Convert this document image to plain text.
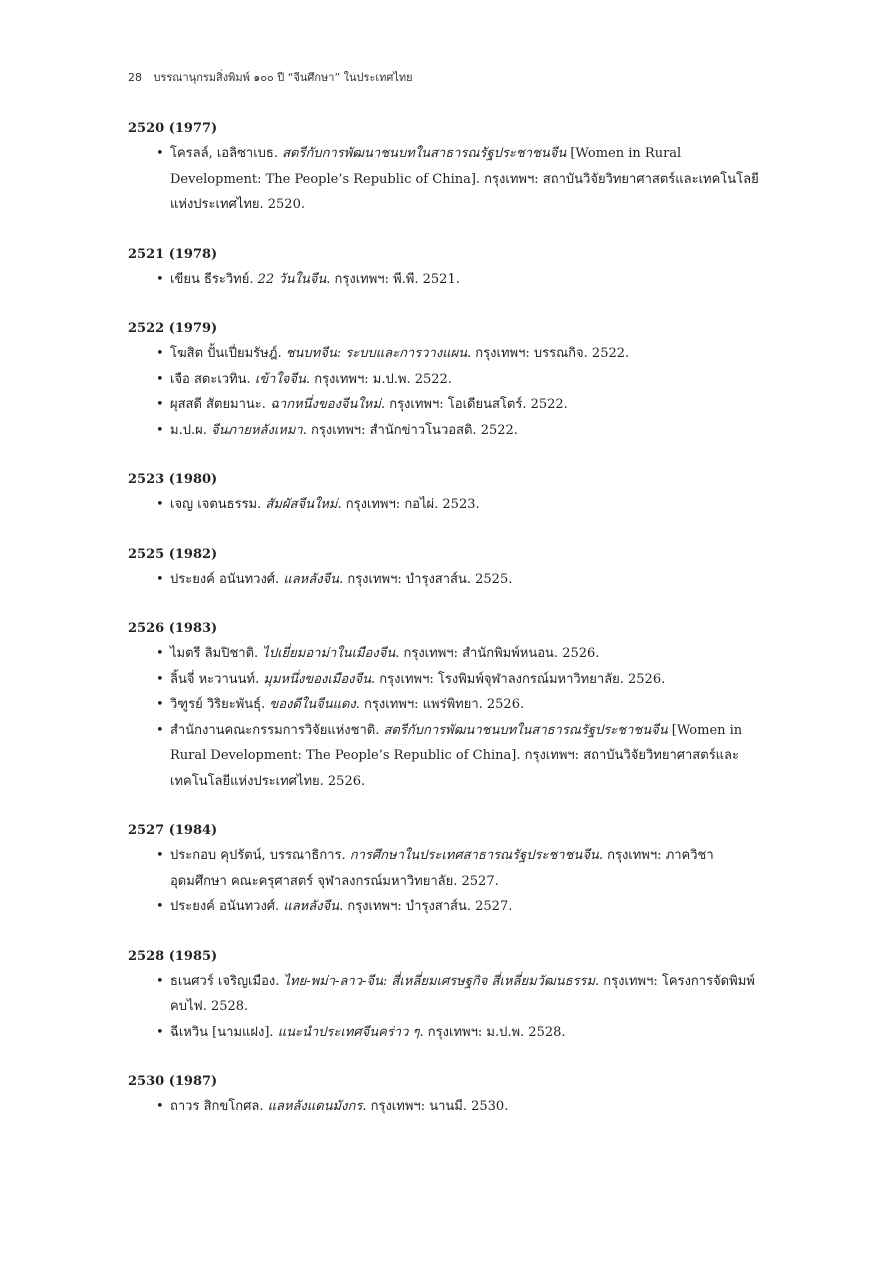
28 บรรณานุกรมสิ่งพิมพ์ ๑๐๐ ปี “จีนศึกษา” ในประเทศไทย
2520 (1977)
• โครลล์, เอลิซาเบธ. สตรีกับการพัฒนาชนบทในสาธารณรัฐประชาชนจีน [Women in Rural Development: The People’s Republic of China]. กรุงเทพฯ: สถาบันวิจัยวิทยาศาสตร์และเทคโนโลยีแห่งประเทศไทย. 2520.
2521 (1978)
• เขียน ธีระวิทย์. 22 วันในจีน. กรุงเทพฯ: พี.พี. 2521.
2522 (1979)
• โฆสิต ปั้นเปี่ยมรัษฎ์. ชนบทจีน: ระบบและการวางแผน. กรุงเทพฯ: บรรณกิจ. 2522.
• เจือ สตะเวทิน. เข้าใจจีน. กรุงเทพฯ: ม.ป.พ. 2522.
• ผุสสดี สัตยมานะ. ฉากหนึ่งของจีนใหม่. กรุงเทพฯ: โอเดียนสโตร์. 2522.
• ม.ป.ผ. จีนภายหลังเหมา. กรุงเทพฯ: สำนักข่าวโนวอสติ. 2522.
2523 (1980)
• เจญ เจตนธรรม. สัมผัสจีนใหม่. กรุงเทพฯ: กอไผ่. 2523.
2525 (1982)
• ประยงค์ อนันทวงศ์. แลหลังจีน. กรุงเทพฯ: บำรุงสาส์น. 2525.
2526 (1983)
• ไมตรี ลิมปิชาติ. ไปเยี่ยมอาม่าในเมืองจีน. กรุงเทพฯ: สำนักพิมพ์หนอน. 2526.
• ลิ้นจี่ หะวานนท์. มุมหนึ่งของเมืองจีน. กรุงเทพฯ: โรงพิมพ์จุฬาลงกรณ์มหาวิทยาลัย. 2526.
• วิฑูรย์ วิริยะพันธุ์. ของดีในจีนแดง. กรุงเทพฯ: แพร่พิทยา. 2526.
• สำนักงานคณะกรรมการวิจัยแห่งชาติ. สตรีกับการพัฒนาชนบทในสาธารณรัฐประชาชนจีน [Women in Rural Development: The People’s Republic of China]. กรุงเทพฯ: สถาบันวิจัยวิทยาศาสตร์และเทคโนโลยีแห่งประเทศไทย. 2526.
2527 (1984)
• ประกอบ คุปรัตน์, บรรณาธิการ. การศึกษาในประเทศสาธารณรัฐประชาชนจีน. กรุงเทพฯ: ภาควิชาอุดมศึกษา คณะครุศาสตร์ จุฬาลงกรณ์มหาวิทยาลัย. 2527.
• ประยงค์ อนันทวงศ์. แลหลังจีน. กรุงเทพฯ: บำรุงสาส์น. 2527.
2528 (1985)
• ธเนศวร์ เจริญเมือง. ไทย-พม่า-ลาว-จีน: สี่เหลี่ยมเศรษฐกิจ สี่เหลี่ยมวัฒนธรรม. กรุงเทพฯ: โครงการจัดพิมพ์คบไฟ. 2528.
• ฉีเหวิน [นามแฝง]. แนะนำประเทศจีนคร่าว ๆ. กรุงเทพฯ: ม.ป.พ. 2528.
2530 (1987)
• ถาวร สิกขโกศล. แลหลังแดนมังกร. กรุงเทพฯ: นานมี. 2530.
